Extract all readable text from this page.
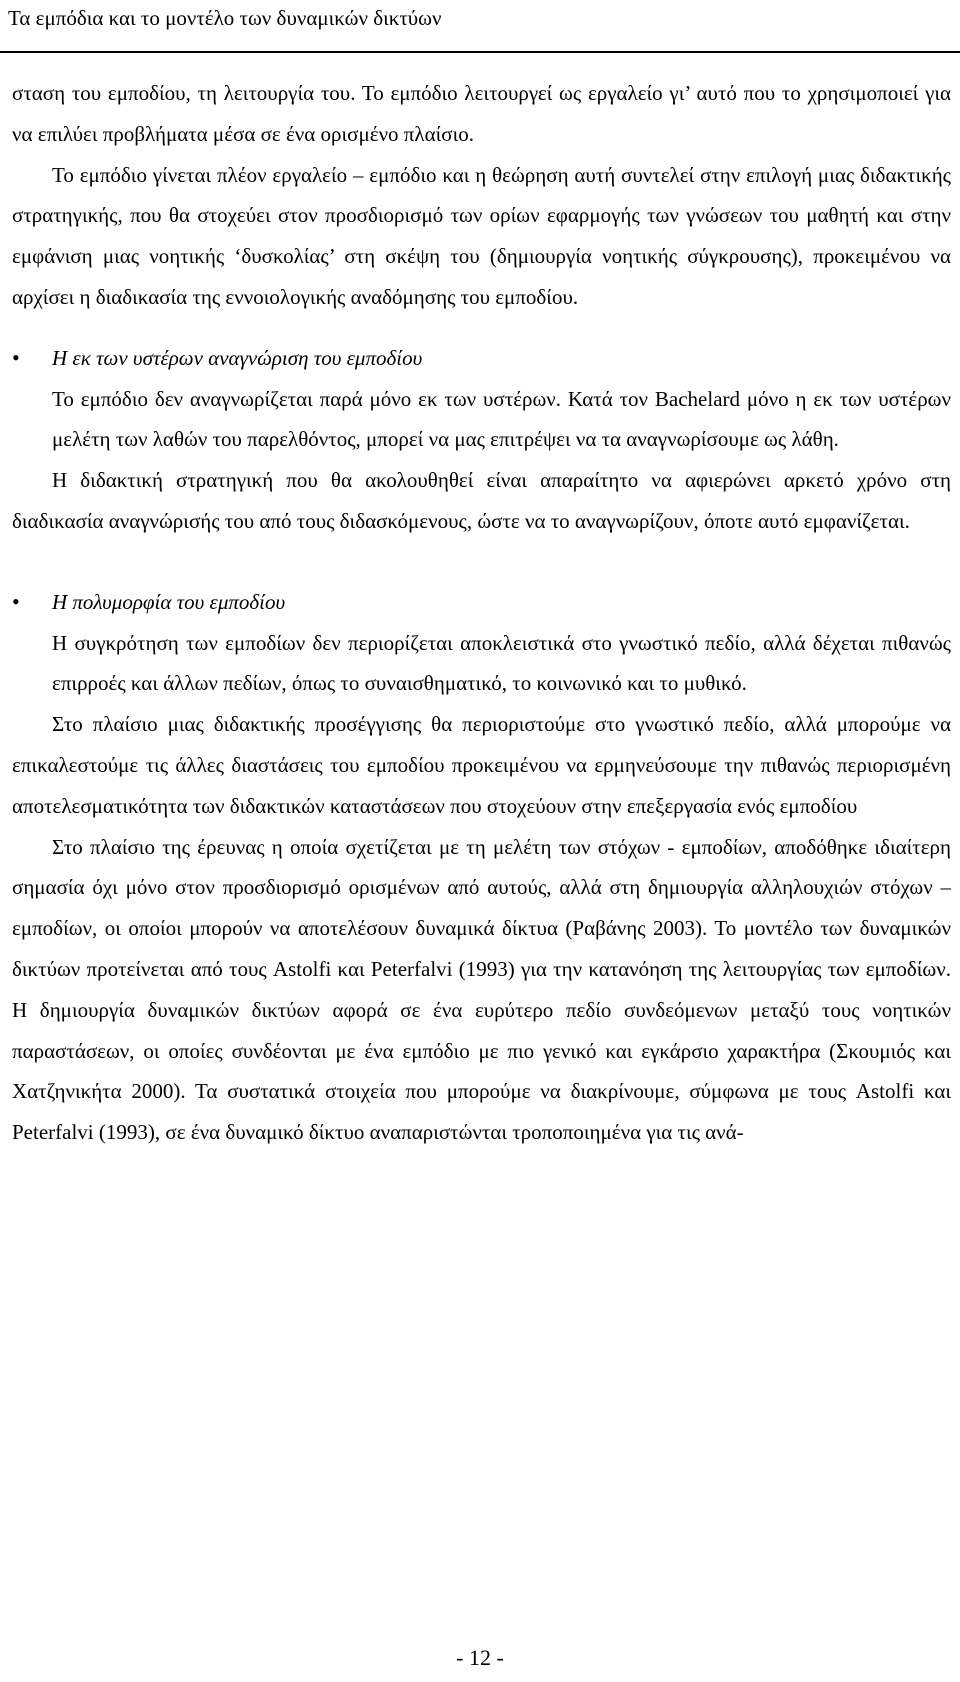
Τα εμπόδια και το μοντέλο των δυναμικών δικτύων

σταση του εμποδίου, τη λειτουργία του. Το εμπόδιο λειτουργεί ως εργαλείο γι’ αυτό που το χρησιμοποιεί για να επιλύει προβλήματα μέσα σε ένα ορισμένο πλαίσιο.

Το εμπόδιο γίνεται πλέον εργαλείο – εμπόδιο και η θεώρηση αυτή συντελεί στην επιλογή μιας διδακτικής στρατηγικής, που θα στοχεύει στον προσδιορισμό των ορίων εφαρμογής των γνώσεων του μαθητή και στην εμφάνιση μιας νοητικής ‘δυσκολίας’ στη σκέψη του (δημιουργία νοητικής σύγκρουσης), προκειμένου να αρχίσει η διαδικασία της εννοιολογικής αναδόμησης του εμποδίου.

• Η εκ των υστέρων αναγνώριση του εμποδίου

Το εμπόδιο δεν αναγνωρίζεται παρά μόνο εκ των υστέρων. Κατά τον Bachelard μόνο η εκ των υστέρων μελέτη των λαθών του παρελθόντος, μπορεί να μας επιτρέψει να τα αναγνωρίσουμε ως λάθη.

Η διδακτική στρατηγική που θα ακολουθηθεί είναι απαραίτητο να αφιερώνει αρκετό χρόνο στη διαδικασία αναγνώρισής του από τους διδασκόμενους, ώστε να το αναγνωρίζουν, όποτε αυτό εμφανίζεται.

• Η πολυμορφία του εμποδίου

Η συγκρότηση των εμποδίων δεν περιορίζεται αποκλειστικά στο γνωστικό πεδίο, αλλά δέχεται πιθανώς επιρροές και άλλων πεδίων, όπως το συναισθηματικό, το κοινωνικό και το μυθικό.

Στο πλαίσιο μιας διδακτικής προσέγγισης θα περιοριστούμε στο γνωστικό πεδίο, αλλά μπορούμε να επικαλεστούμε τις άλλες διαστάσεις του εμποδίου προκειμένου να ερμηνεύσουμε την πιθανώς περιορισμένη αποτελεσματικότητα των διδακτικών καταστάσεων που στοχεύουν στην επεξεργασία ενός εμποδίου

Στο πλαίσιο της έρευνας η οποία σχετίζεται με τη μελέτη των στόχων - εμποδίων, αποδόθηκε ιδιαίτερη σημασία όχι μόνο στον προσδιορισμό ορισμένων από αυτούς, αλλά στη δημιουργία αλληλουχιών στόχων – εμποδίων, οι οποίοι μπορούν να αποτελέσουν δυναμικά δίκτυα (Ραβάνης 2003). Το μοντέλο των δυναμικών δικτύων προτείνεται από τους Astolfi και Peterfalvi (1993) για την κατανόηση της λειτουργίας των εμποδίων. Η δημιουργία δυναμικών δικτύων αφορά σε ένα ευρύτερο πεδίο συνδεόμενων μεταξύ τους νοητικών παραστάσεων, οι οποίες συνδέονται με ένα εμπόδιο με πιο γενικό και εγκάρσιο χαρακτήρα (Σκουμιός και Χατζηνικήτα 2000). Τα συστατικά στοιχεία που μπορούμε να διακρίνουμε, σύμφωνα με τους Astolfi και Peterfalvi (1993), σε ένα δυναμικό δίκτυο αναπαριστώνται τροποποιημένα για τις ανά-

- 12 -
